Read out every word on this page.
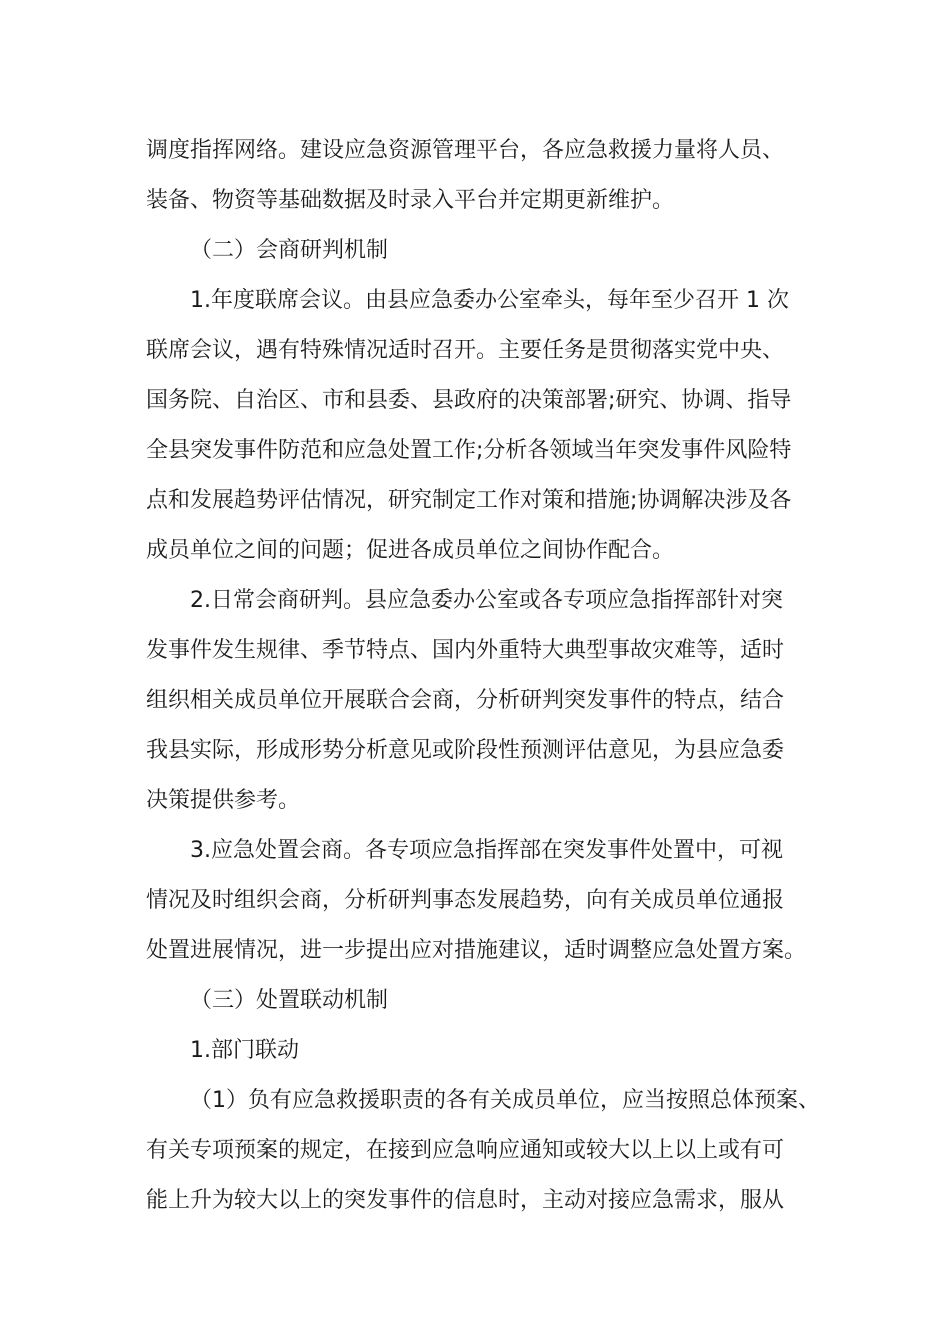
调度指挥网络。建设应急资源管理平台，各应急救援力量将人员、
装备、物资等基础数据及时录入平台并定期更新维护。
（二）会商研判机制
1.年度联席会议。由县应急委办公室牵头，每年至少召开 1 次
联席会议，遇有特殊情况适时召开。主要任务是贯彻落实党中央、
国务院、自治区、市和县委、县政府的决策部署;研究、协调、指导
全县突发事件防范和应急处置工作;分析各领域当年突发事件风险特
点和发展趋势评估情况，研究制定工作对策和措施;协调解决涉及各
成员单位之间的问题；促进各成员单位之间协作配合。
2.日常会商研判。县应急委办公室或各专项应急指挥部针对突
发事件发生规律、季节特点、国内外重特大典型事故灾难等，适时
组织相关成员单位开展联合会商，分析研判突发事件的特点，结合
我县实际，形成形势分析意见或阶段性预测评估意见，为县应急委
决策提供参考。
3.应急处置会商。各专项应急指挥部在突发事件处置中，可视
情况及时组织会商，分析研判事态发展趋势，向有关成员单位通报
处置进展情况，进一步提出应对措施建议，适时调整应急处置方案。
（三）处置联动机制
1.部门联动
（1）负有应急救援职责的各有关成员单位，应当按照总体预案、
有关专项预案的规定，在接到应急响应通知或较大以上以上或有可
能上升为较大以上的突发事件的信息时，主动对接应急需求，服从
